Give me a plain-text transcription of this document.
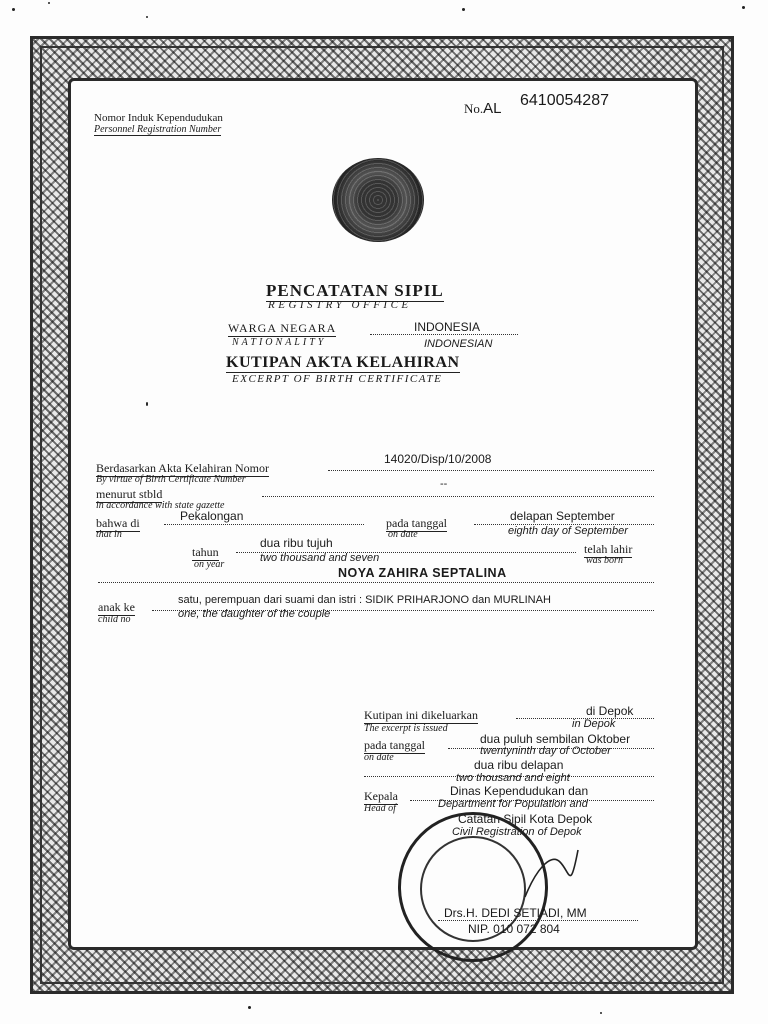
Nomor Induk Kependudukan
Personnel Registration Number
No.AL 6410054287
PENCATATAN SIPIL
REGISTRY OFFICE
WARGA NEGARA
NATIONALITY
INDONESIA
INDONESIAN
KUTIPAN AKTA KELAHIRAN
EXCERPT OF BIRTH CERTIFICATE
14020/Disp/10/2008
Berdasarkan Akta Kelahiran Nomor
By virtue of Birth Certificate Number
menurut stbld
--
in accordance with state gazette
bahwa di	Pekalongan
that in
pada tanggal
on date
delapan September
eighth day of September
tahun
on year
dua ribu tujuh
two thousand and seven
telah lahir
was born
NOYA ZAHIRA SEPTALINA
anak ke
child no
satu, perempuan dari suami dan istri : SIDIK PRIHARJONO dan MURLINAH
one, the daughter of the couple
Kutipan ini dikeluarkan
The excerpt is issued
di Depok
in Depok
pada tanggal
on date
dua puluh sembilan Oktober
twentyninth day of October
dua ribu delapan
two thousand and eight
Kepala
Head of
Dinas Kependudukan dan
Department for Population and
Catatan Sipil Kota Depok
Civil Registration of Depok
Drs.H. DEDI SETIADI, MM
NIP. 010 072 804
